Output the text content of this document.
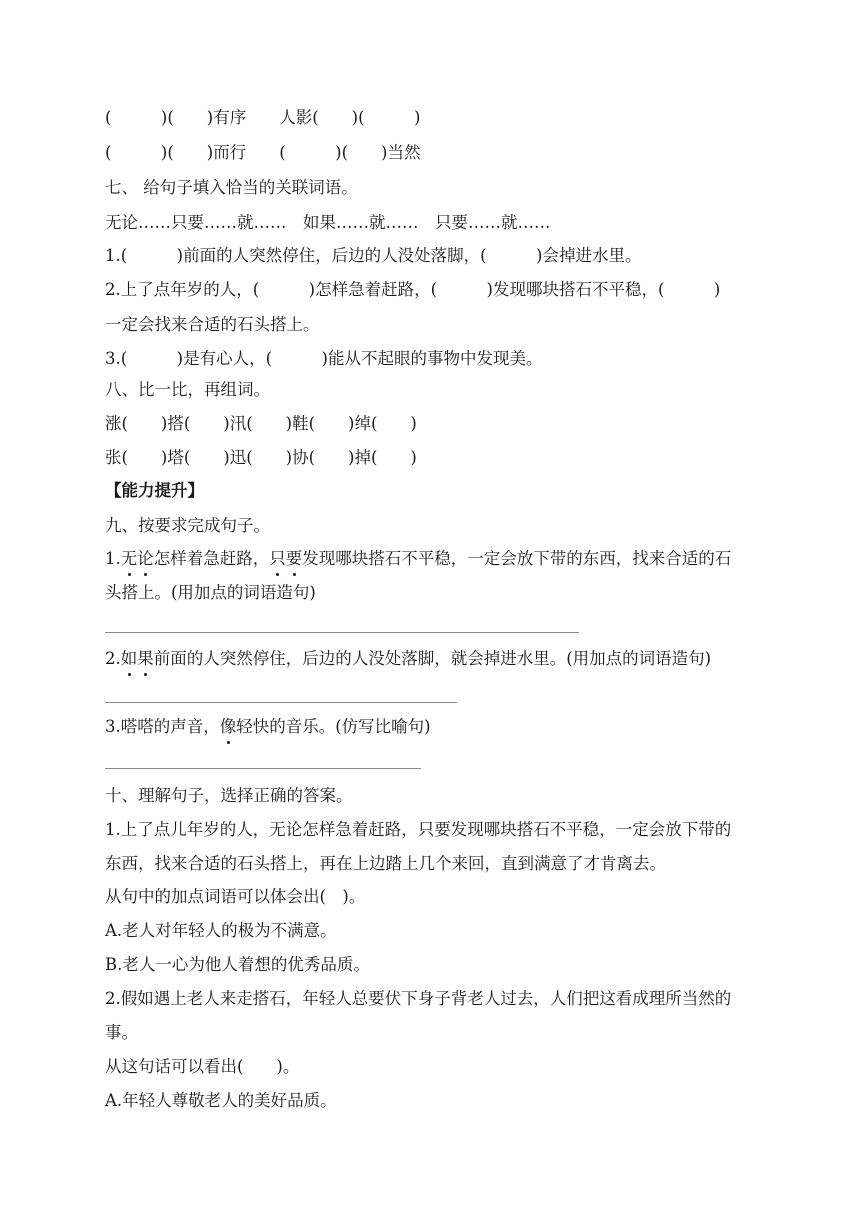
(　　　)(　　)有序　　人影(　　)(　　　)
(　　　)(　　)而行　　(　　　)(　　)当然
七、 给句子填入恰当的关联词语。
无论……只要……就……　如果……就……　只要……就……
1.(　　　)前面的人突然停住，后边的人没处落脚，(　　　)会掉进水里。
2.上了点年岁的人，(　　　)怎样急着赶路，(　　　)发现哪块搭石不平稳，(　　　)
一定会找来合适的石头搭上。
3.(　　　)是有心人，(　　　)能从不起眼的事物中发现美。
八、比一比，再组词。
涨(　　)搭(　　)汛(　　)鞋(　　)绰(　　)
张(　　)塔(　　)迅(　　)协(　　)掉(　　)
【能力提升】
九、按要求完成句子。
1.无论怎样着急赶路，只要发现哪块搭石不平稳，一定会放下带的东西，找来合适的石
头搭上。(用加点的词语造句)
2.如果前面的人突然停住，后边的人没处落脚，就会掉进水里。(用加点的词语造句)
3.嗒嗒的声音，像轻快的音乐。(仿写比喻句)
十、理解句子，选择正确的答案。
1.上了点儿年岁的人，无论怎样急着赶路，只要发现哪块搭石不平稳，一定会放下带的
东西，找来合适的石头搭上，再在上边踏上几个来回，直到满意了才肯离去。
从句中的加点词语可以体会出(　)。
A.老人对年轻人的极为不满意。
B.老人一心为他人着想的优秀品质。
2.假如遇上老人来走搭石，年轻人总要伏下身子背老人过去，人们把这看成理所当然的
事。
从这句话可以看出(　　)。
A.年轻人尊敬老人的美好品质。
